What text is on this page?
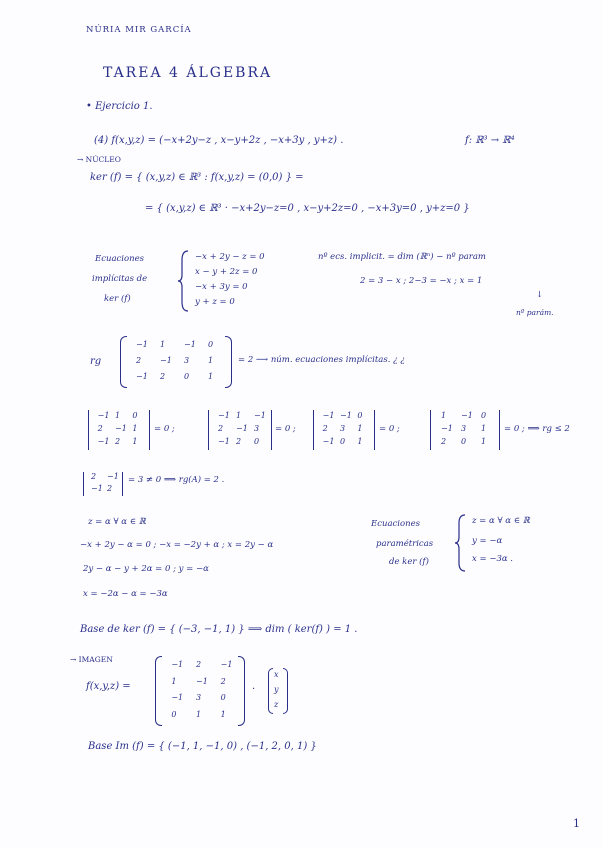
NÚRIA MIR GARCÍA
TAREA 4 ÁLGEBRA
• Ejercicio 1.
(4) f(x,y,z) = (−x+2y−z , x−y+2z , −x+3y , y+z) .	f: ℝ³ → ℝ⁴
→ NÚCLEO
ker (f) = { (x,y,z) ∈ ℝ³ : f(x,y,z) = (0,0) } =
= { (x,y,z) ∈ ℝ³ · −x+2y−z=0 , x−y+2z=0 , −x+3y=0 , y+z=0 }
Ecuaciones
implícitas de
ker (f)
−x + 2y − z = 0
x − y + 2z = 0
−x + 3y = 0
y + z = 0
nº ecs. implicit. = dim (ℝⁿ) − nº param
2 = 3 − x ; 2−3 = −x ; x = 1
↓
nº parám.
rg
−1 1 −1 0
2 −1 3 1
−1 2 0 1
= 2 ⟶ núm. ecuaciones implícitas. ¿ ¿
−1 1 0
2 −1 1
−1 2 1
= 0 ;
−1 1 −1
2 −1 3
−1 2 0
= 0 ;
−1 −1 0
2 3 1
−1 0 1
= 0 ;
1 −1 0
−1 3 1
2 0 1
= 0 ; ⟹ rg ≤ 2
2 −1
−1 2
= 3 ≠ 0 ⟹ rg(A) = 2 .
z = α ∀ α ∈ ℝ
−x + 2y − α = 0 ; −x = −2y + α ; x = 2y − α
2y − α − y + 2α = 0 ; y = −α
x = −2α − α = −3α
Ecuaciones
paramétricas
de ker (f)
z = α ∀ α ∈ ℝ
y = −α
x = −3α .
Base de ker (f) = { (−3, −1, 1) } ⟹ dim ( ker(f) ) = 1 .
→ IMAGEN
f(x,y,z) =
−1 2 −1
1 −1 2
−1 3 0
0 1 1
·
x
y
z
Base Im (f) = { (−1, 1, −1, 0) , (−1, 2, 0, 1) }
1
